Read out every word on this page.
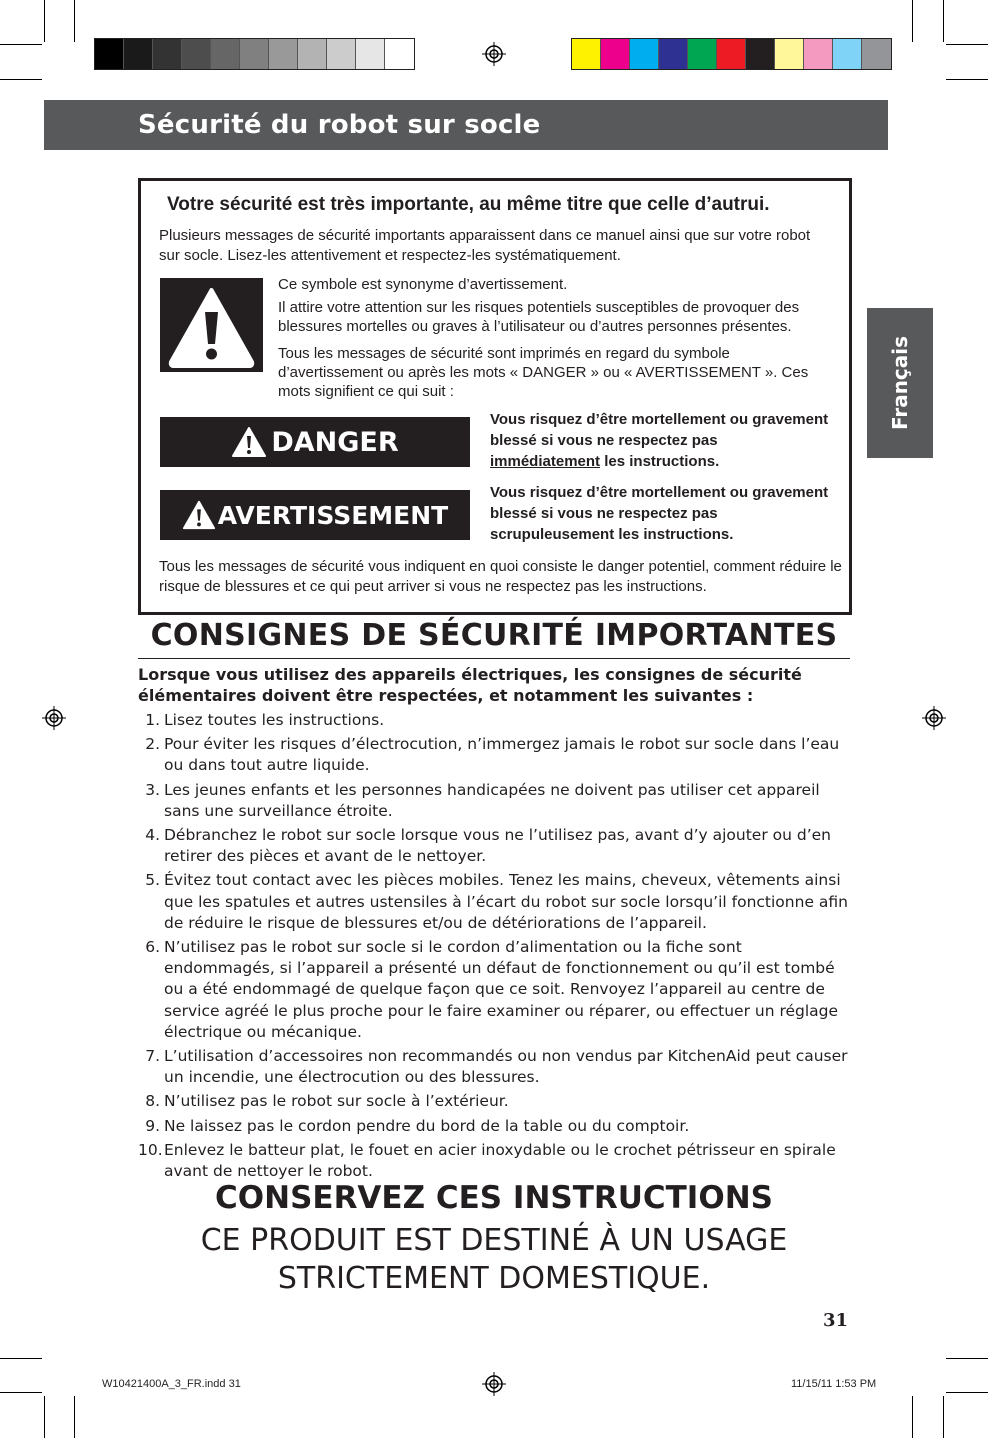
Sécurité du robot sur socle
Français
Votre sécurité est très importante, au même titre que celle d’autrui.
Plusieurs messages de sécurité importants apparaissent dans ce manuel ainsi que sur votre robot sur socle. Lisez-les attentivement et respectez-les systématiquement.
Ce symbole est synonyme d’avertissement.
Il attire votre attention sur les risques potentiels susceptibles de provoquer des blessures mortelles ou graves à l’utilisateur ou d’autres personnes présentes.
Tous les messages de sécurité sont imprimés en regard du symbole d’avertissement ou après les mots « DANGER » ou « AVERTISSEMENT ». Ces mots signifient ce qui suit :
DANGER
Vous risquez d’être mortellement ou gravement blessé si vous ne respectez pas immédiatement les instructions.
AVERTISSEMENT
Vous risquez d’être mortellement ou gravement blessé si vous ne respectez pas scrupuleusement les instructions.
Tous les messages de sécurité vous indiquent en quoi consiste le danger potentiel, comment réduire le risque de blessures et ce qui peut arriver si vous ne respectez pas les instructions.
CONSIGNES DE SÉCURITÉ IMPORTANTES
Lorsque vous utilisez des appareils électriques, les consignes de sécurité élémentaires doivent être respectées, et notamment les suivantes :
1. Lisez toutes les instructions.
2. Pour éviter les risques d’électrocution, n’immergez jamais le robot sur socle dans l’eau ou dans tout autre liquide.
3. Les jeunes enfants et les personnes handicapées ne doivent pas utiliser cet appareil sans une surveillance étroite.
4. Débranchez le robot sur socle lorsque vous ne l’utilisez pas, avant d’y ajouter ou d’en retirer des pièces et avant de le nettoyer.
5. Évitez tout contact avec les pièces mobiles. Tenez les mains, cheveux, vêtements ainsi que les spatules et autres ustensiles à l’écart du robot sur socle lorsqu’il fonctionne afin de réduire le risque de blessures et/ou de détériorations de l’appareil.
6. N’utilisez pas le robot sur socle si le cordon d’alimentation ou la fiche sont endommagés, si l’appareil a présenté un défaut de fonctionnement ou qu’il est tombé ou a été endommagé de quelque façon que ce soit. Renvoyez l’appareil au centre de service agréé le plus proche pour le faire examiner ou réparer, ou effectuer un réglage électrique ou mécanique.
7. L’utilisation d’accessoires non recommandés ou non vendus par KitchenAid peut causer un incendie, une électrocution ou des blessures.
8. N’utilisez pas le robot sur socle à l’extérieur.
9. Ne laissez pas le cordon pendre du bord de la table ou du comptoir.
10. Enlevez le batteur plat, le fouet en acier inoxydable ou le crochet pétrisseur en spirale avant de nettoyer le robot.
CONSERVEZ CES INSTRUCTIONS
CE PRODUIT EST DESTINÉ À UN USAGE
STRICTEMENT DOMESTIQUE.
31
W10421400A_3_FR.indd 31	11/15/11 1:53 PM
